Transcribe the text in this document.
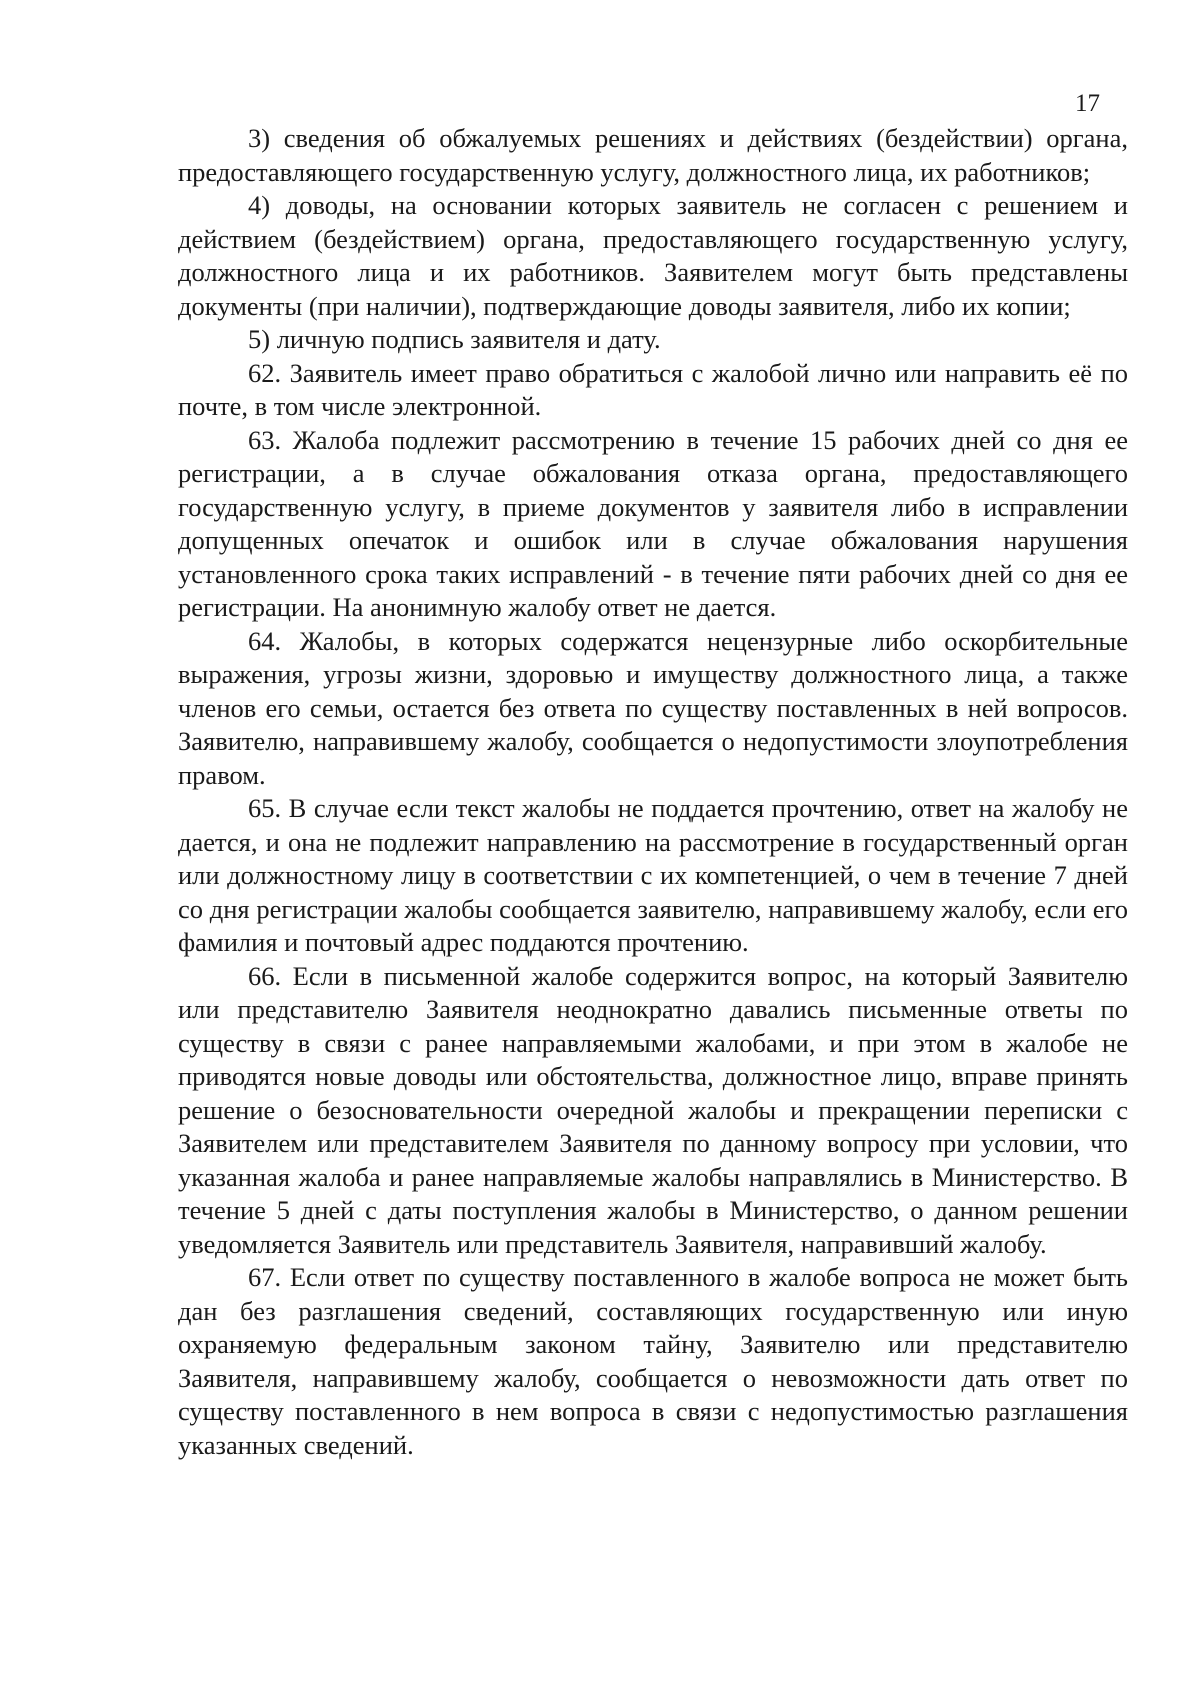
17

3) сведения об обжалуемых решениях и действиях (бездействии) органа, предоставляющего государственную услугу, должностного лица, их работников;

4) доводы, на основании которых заявитель не согласен с решением и действием (бездействием) органа, предоставляющего государственную услугу, должностного лица и их работников. Заявителем могут быть представлены документы (при наличии), подтверждающие доводы заявителя, либо их копии;

5) личную подпись заявителя и дату.

62. Заявитель имеет право обратиться с жалобой лично или направить её по почте, в том числе электронной.

63. Жалоба подлежит рассмотрению в течение 15 рабочих дней со дня ее регистрации, а в случае обжалования отказа органа, предоставляющего государственную услугу, в приеме документов у заявителя либо в исправлении допущенных опечаток и ошибок или в случае обжалования нарушения установленного срока таких исправлений - в течение пяти рабочих дней со дня ее регистрации. На анонимную жалобу ответ не дается.

64. Жалобы, в которых содержатся нецензурные либо оскорбительные выражения, угрозы жизни, здоровью и имуществу должностного лица, а также членов его семьи, остается без ответа по существу поставленных в ней вопросов. Заявителю, направившему жалобу, сообщается о недопустимости злоупотребления правом.

65. В случае если текст жалобы не поддается прочтению, ответ на жалобу не дается, и она не подлежит направлению на рассмотрение в государственный орган или должностному лицу в соответствии с их компетенцией, о чем в течение 7 дней со дня регистрации жалобы сообщается заявителю, направившему жалобу, если его фамилия и почтовый адрес поддаются прочтению.

66. Если в письменной жалобе содержится вопрос, на который Заявителю или представителю Заявителя неоднократно давались письменные ответы по существу в связи с ранее направляемыми жалобами, и при этом в жалобе не приводятся новые доводы или обстоятельства, должностное лицо, вправе принять решение о безосновательности очередной жалобы и прекращении переписки с Заявителем или представителем Заявителя по данному вопросу при условии, что указанная жалоба и ранее направляемые жалобы направлялись в Министерство. В течение 5 дней с даты поступления жалобы в Министерство, о данном решении уведомляется Заявитель или представитель Заявителя, направивший жалобу.

67. Если ответ по существу поставленного в жалобе вопроса не может быть дан без разглашения сведений, составляющих государственную или иную охраняемую федеральным законом тайну, Заявителю или представителю Заявителя, направившему жалобу, сообщается о невозможности дать ответ по существу поставленного в нем вопроса в связи с недопустимостью разглашения указанных сведений.
